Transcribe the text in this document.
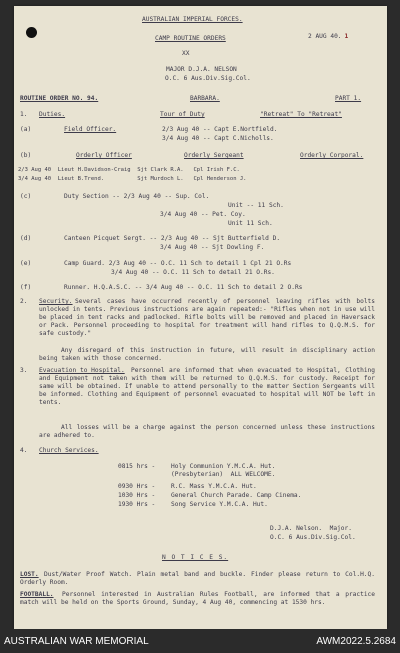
AUSTRALIAN IMPERIAL FORCES.
CAMP ROUTINE ORDERS	2 AUG 40. 1
XX
MAJOR D.J.A. NELSON
O.C. 6 Aus.Div.Sig.Col.
ROUTINE ORDER NO. 94.	BARBARA.	PART 1.
1. Duties.	Tour of Duty	"Retreat" To "Retreat"
(a)	Field Officer.	2/3 Aug 40 -- Capt E.Nortfield.
3/4 Aug 40 -- Capt C.Nicholls.
(b)	Orderly Officer	Orderly Sergeant	Orderly Corporal.
2/3 Aug 40  Lieut H.Davidson-Craig  Sjt Clark R.A.   Cpl Irish F.C.
3/4 Aug 40  Lieut B.Trend.          Sjt Murdoch L.   Cpl Henderson J.
(c)	Duty Section -- 2/3 Aug 40 -- Sup. Col.
Unit -- 11 Sch.
3/4 Aug 40 -- Pet. Coy.
Unit 11 Sch.
(d)	Canteen Picquet Sergt. -- 2/3 Aug 40 -- Sjt Butterfield D.
3/4 Aug 40 -- Sjt Dowling F.
(e)	Camp Guard. 2/3 Aug 40 -- O.C. 11 Sch to detail 1 Cpl 21 O.Rs
3/4 Aug 40 -- O.C. 11 Sch to detail 21 O.Rs.
(f)	Runner. H.Q.A.S.C. -- 3/4 Aug 40 -- O.C. 11 Sch to detail 2 O.Rs
2. Security. Several cases have occurred recently of personnel leaving rifles with bolts unlocked in tents. Previous instructions are again repeated:- "Rifles when not in use will be placed in tent racks and padlocked. Rifle bolts will be removed and placed in Haversack or Pack. Personnel proceeding to hospital for treatment will hand rifles to Q.Q.M.S. for safe custody."
Any disregard of this instruction in future, will result in disciplinary action being taken with those concerned.
3. Evacuation to Hospital.	Personnel are informed that when evacuated to Hospital, Clothing and Equipment not taken with them will be returned to Q.Q.M.S. for custody. Receipt for same will be obtained. If unable to attend personally to the matter Section Sergeants will be informed. Clothing and Equipment of personnel evacuated to hospital will NOT be left in tents.
All losses will be a charge against the person concerned unless these instructions are adhered to.
4. Church Services.
0815 hrs -	Holy Communion Y.M.C.A. Hut.
(Presbyterian)  ALL WELCOME.
0930 Hrs -	R.C. Mass Y.M.C.A. Hut.
1030 Hrs -	General Church Parade. Camp Cinema.
1930 Hrs -	Song Service Y.M.C.A. Hut.
D.J.A. Nelson.  Major.
O.C. 6 Aus.Div.Sig.Col.
N O T I C E S.
LOST. Dust/Water Proof Watch. Plain metal band and buckle. Finder please return to Col.H.Q. Orderly Room.
FOOTBALL.	Personnel interested in Australian Rules Football, are informed that a practice match will be held on the Sports Ground, Sunday, 4 Aug 40, commencing at 1530 hrs.
AUSTRALIAN WAR MEMORIAL	AWM2022.5.2684
